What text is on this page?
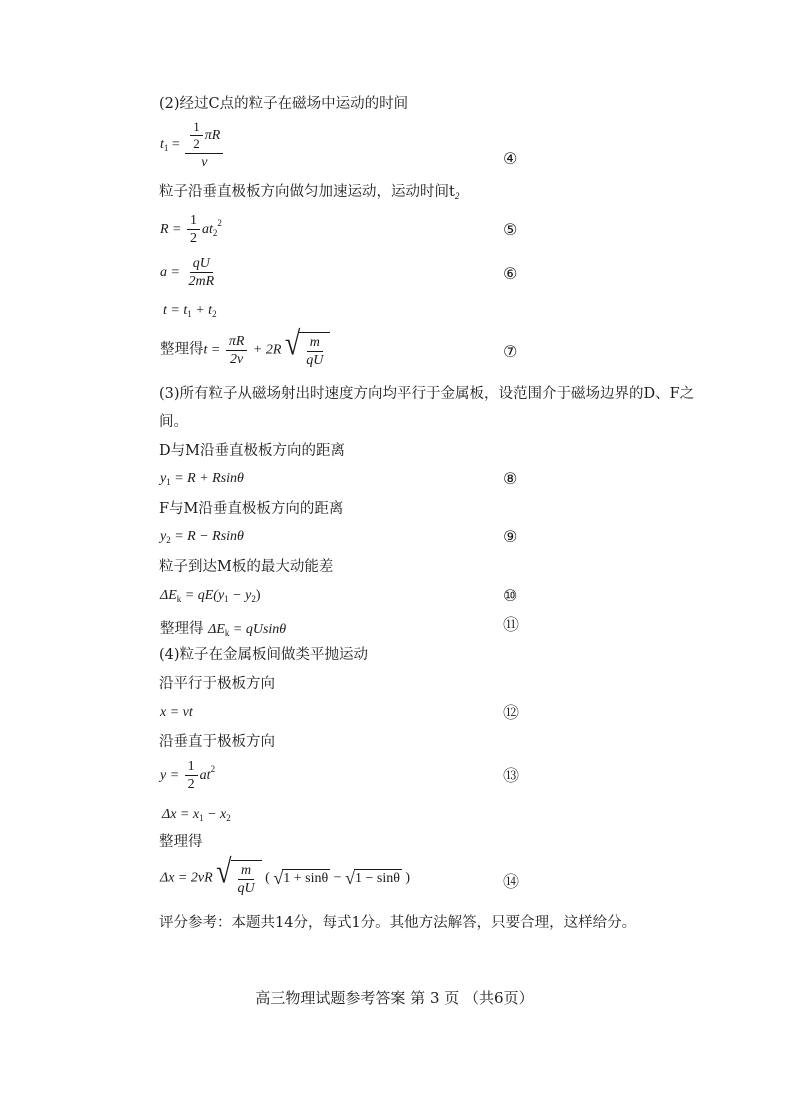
(2)经过C点的粒子在磁场中运动的时间
$t_1 = \frac{\frac{1}{2} \pi R}{v}$	④
粒子沿垂直极板方向做匀加速运动，运动时间$t_2$
$R = \frac{1}{2} at_2^2$	⑤
$a = \frac{qU}{2mR}$	⑥
$t = t_1 + t_2$
整理得$t = \frac{\pi R}{2v} + 2R$ √ $\frac{m}{qU}$	⑦
(3)所有粒子从磁场射出时速度方向均平行于金属板，设范围介于磁场边界的D、F之
间。
D与M沿垂直极板方向的距离
$y_1 = R + Rsin\theta$	⑧
F与M沿垂直极板方向的距离
$y_2 = R - Rsin\theta$	⑨
粒子到达M板的最大动能差
$\Delta E_k = qE(y_1 - y_2)$	⑩
整理得 $\Delta E_k = qUsin\theta$	⑪
(4)粒子在金属板间做类平抛运动
沿平行于极板方向
x = vt	⑫
沿垂直于极板方向
$y = \frac{1}{2} at^2$	⑬
$\Delta x = x_1 - x_2$
整理得
Δx = 2vR √ $\frac{m}{qU}$ ( √ 1 + sinθ − √ 1 − sinθ )	⑭
评分参考：本题共14分，每式1分。其他方法解答，只要合理，这样给分。
高三物理试题参考答案 第 3 页 （共6页）
